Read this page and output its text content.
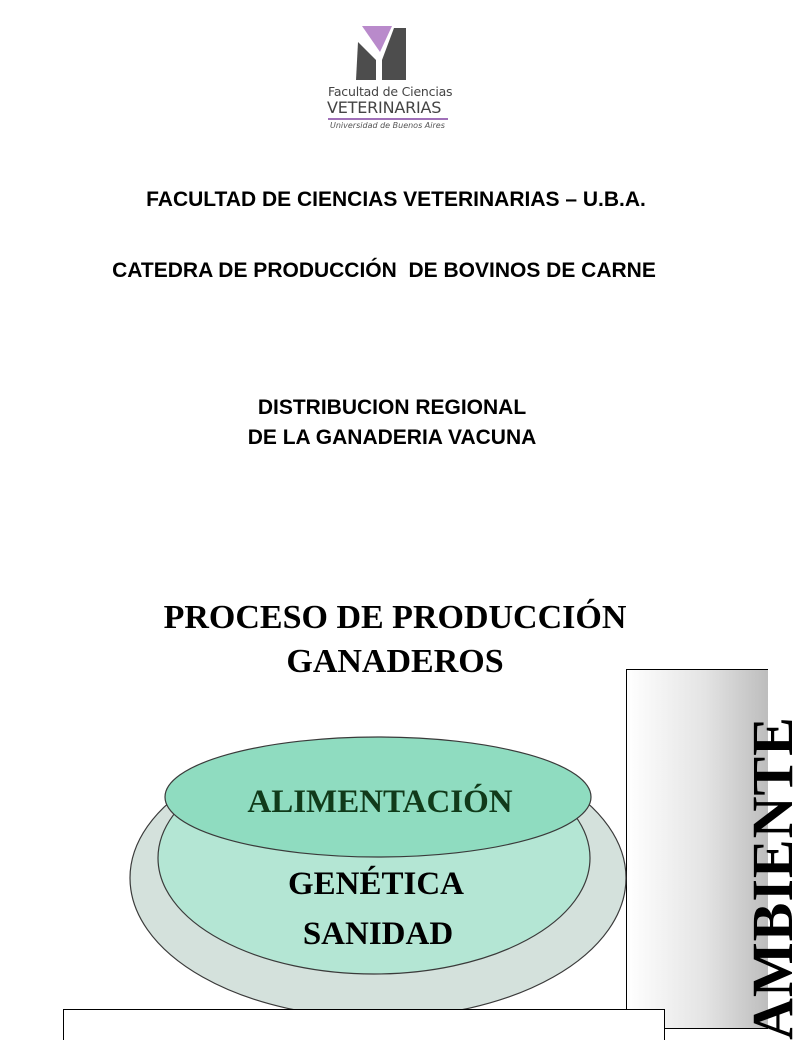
Facultad de Ciencias
VETERINARIAS
Universidad de Buenos Aires
FACULTAD DE CIENCIAS VETERINARIAS – U.B.A.
CATEDRA DE PRODUCCIÓN  DE BOVINOS DE CARNE
DISTRIBUCION REGIONAL
DE LA GANADERIA VACUNA
PROCESO DE PRODUCCIÓN
GANADEROS
AMBIENTE
ALIMENTACIÓN
GENÉTICA
SANIDAD
